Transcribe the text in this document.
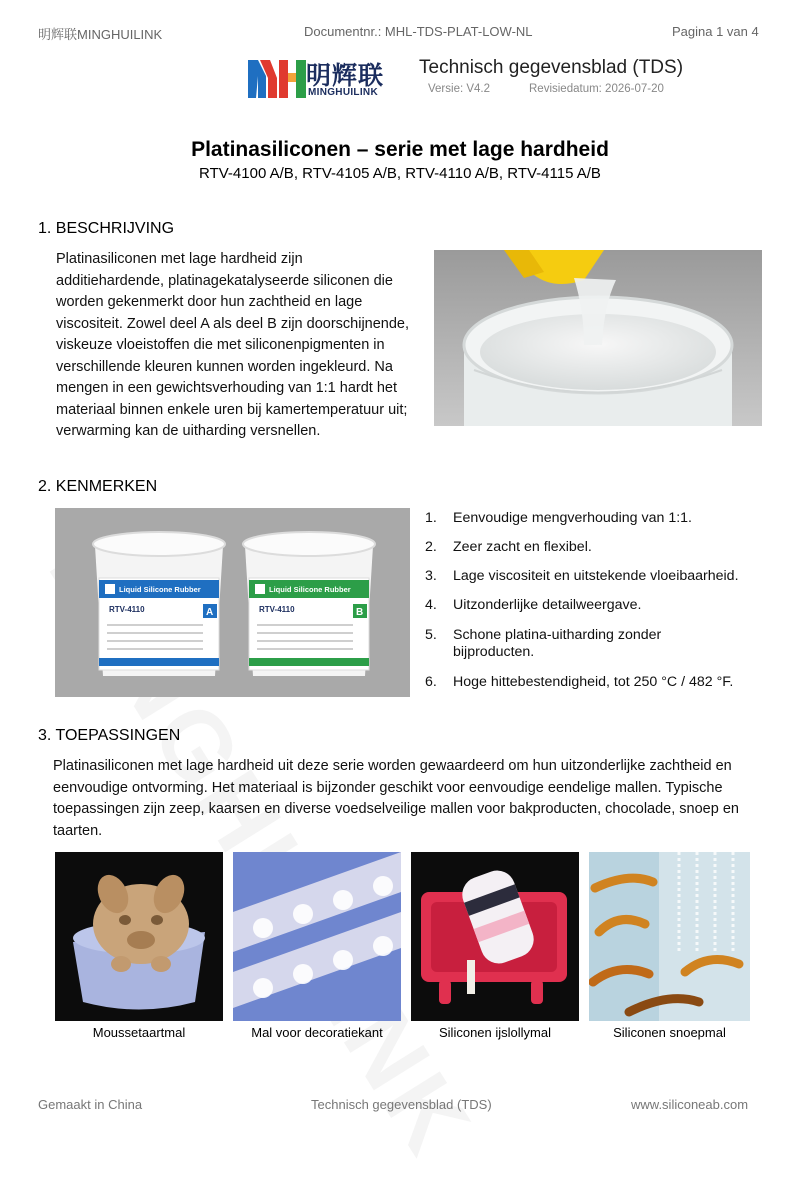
明辉联MINGHUILINK	Documentnr.: MHL-TDS-PLAT-LOW-NL	Pagina 1 van 4
明辉联
MINGHUILINK
Technisch gegevensblad (TDS)
Versie: V4.2	Revisiedatum: 2026-07-20
Platinasiliconen – serie met lage hardheid
RTV-4100 A/B, RTV-4105 A/B, RTV-4110 A/B, RTV-4115 A/B
1. BESCHRIJVING
Platinasiliconen met lage hardheid zijn
additiehardende, platinagekatalyseerde siliconen die
worden gekenmerkt door hun zachtheid en lage
viscositeit. Zowel deel A als deel B zijn doorschijnende,
viskeuze vloeistoffen die met siliconenpigmenten in
verschillende kleuren kunnen worden ingekleurd. Na
mengen in een gewichtsverhouding van 1:1 hardt het
materiaal binnen enkele uren bij kamertemperatuur uit;
verwarming kan de uitharding versnellen.
2. KENMERKEN
Liquid Silicone Rubber
RTV-4110	A
Liquid Silicone Rubber
RTV-4110	B
1.	Eenvoudige mengverhouding van 1:1.
2.	Zeer zacht en flexibel.
3.	Lage viscositeit en uitstekende vloeibaarheid.
4.	Uitzonderlijke detailweergave.
5.	Schone platina-uitharding zonder
bijproducten.
6.	Hoge hittebestendigheid, tot 250 °C / 482 °F.
3. TOEPASSINGEN
Platinasiliconen met lage hardheid uit deze serie worden gewaardeerd om hun uitzonderlijke zachtheid en
eenvoudige ontvorming. Het materiaal is bijzonder geschikt voor eenvoudige eendelige mallen. Typische
toepassingen zijn zeep, kaarsen en diverse voedselveilige mallen voor bakproducten, chocolade, snoep en
taarten.
Moussetaartmal	Mal voor decoratiekant	Siliconen ijslollymal	Siliconen snoepmal
Gemaakt in China	Technisch gegevensblad (TDS)	www.siliconeab.com
